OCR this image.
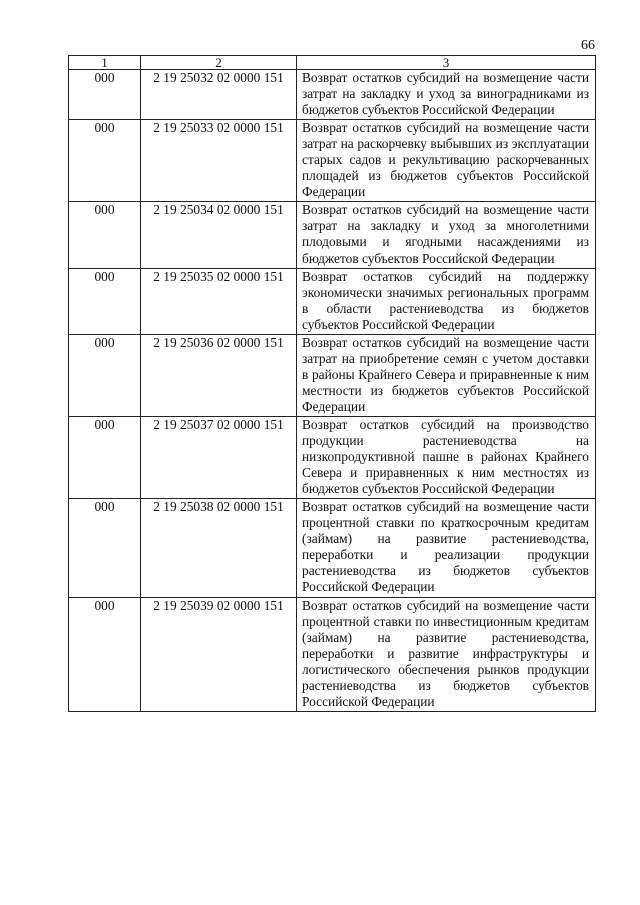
66
1	2	3
000	2 19 25032 02 0000 151	Возврат остатков субсидий на возмещение части затрат на закладку и уход за виноградниками из бюджетов субъектов Российской Федерации
000	2 19 25033 02 0000 151	Возврат остатков субсидий на возмещение части затрат на раскорчевку выбывших из эксплуатации старых садов и рекультивацию раскорчеванных площадей из бюджетов субъектов Российской Федерации
000	2 19 25034 02 0000 151	Возврат остатков субсидий на возмещение части затрат на закладку и уход за многолетними плодовыми и ягодными насаждениями из бюджетов субъектов Российской Федерации
000	2 19 25035 02 0000 151	Возврат остатков субсидий на поддержку экономически значимых региональных программ в области растениеводства из бюджетов субъектов Российской Федерации
000	2 19 25036 02 0000 151	Возврат остатков субсидий на возмещение части затрат на приобретение семян с учетом доставки в районы Крайнего Севера и приравненные к ним местности из бюджетов субъектов Российской Федерации
000	2 19 25037 02 0000 151	Возврат остатков субсидий на производство продукции растениеводства на низкопродуктивной пашне в районах Крайнего Севера и приравненных к ним местностях из бюджетов субъектов Российской Федерации
000	2 19 25038 02 0000 151	Возврат остатков субсидий на возмещение части процентной ставки по краткосрочным кредитам (займам) на развитие растениеводства, переработки и реализации продукции растениеводства из бюджетов субъектов Российской Федерации
000	2 19 25039 02 0000 151	Возврат остатков субсидий на возмещение части процентной ставки по инвестиционным кредитам (займам) на развитие растениеводства, переработки и развитие инфраструктуры и логистического обеспечения рынков продукции растениеводства из бюджетов субъектов Российской Федерации
